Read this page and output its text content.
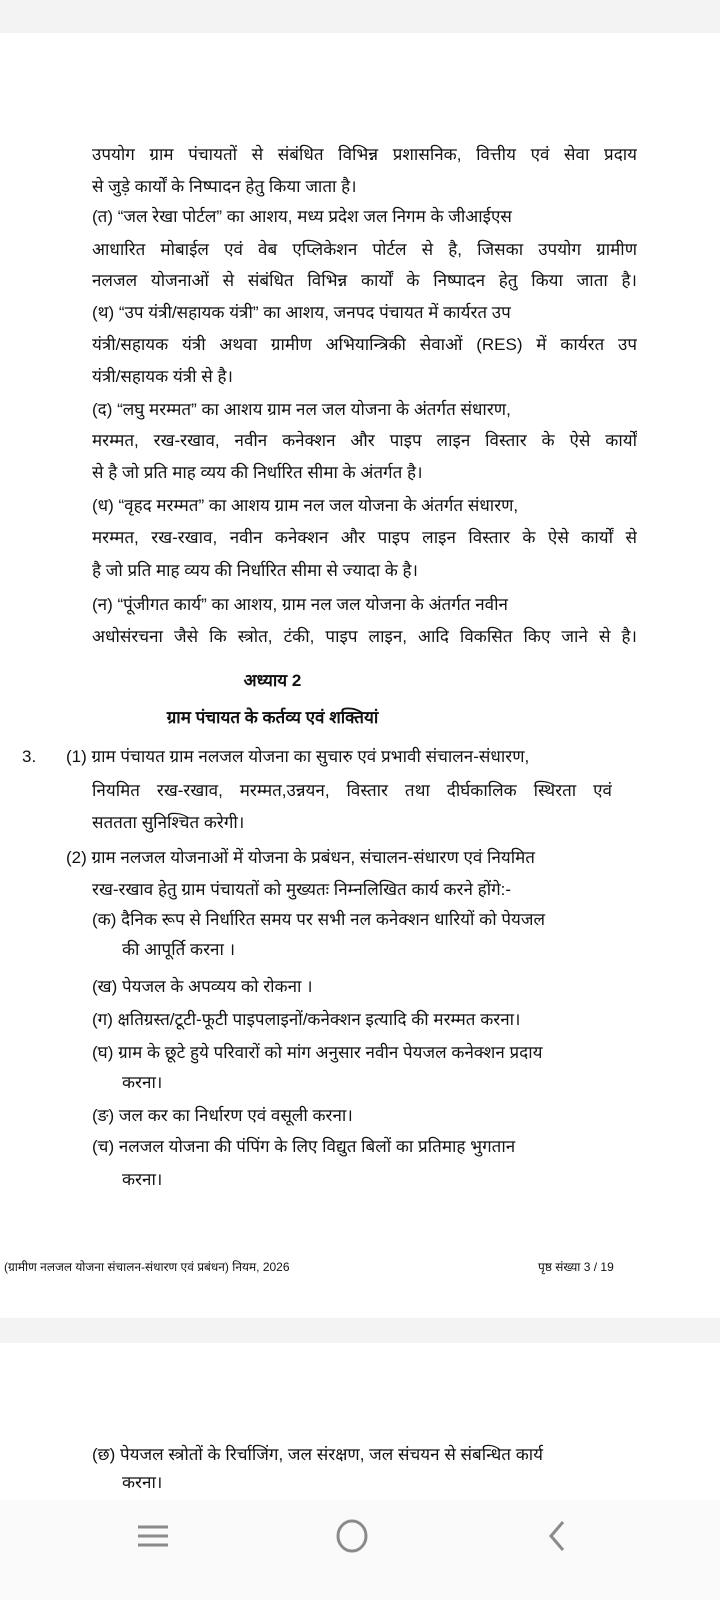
उपयोग ग्राम पंचायतों से संबंधित विभिन्न प्रशासनिक, वित्तीय एवं सेवा प्रदाय
से जुड़े कार्यों के निष्पादन हेतु किया जाता है।
(त) “जल रेखा पोर्टल” का आशय, मध्य प्रदेश जल निगम के जीआईएस
आधारित मोबाईल एवं वेब एप्लिकेशन पोर्टल से है, जिसका उपयोग ग्रामीण
नलजल योजनाओं से संबंधित विभिन्न कार्यों के निष्पादन हेतु किया जाता है।
(थ) “उप यंत्री/सहायक यंत्री” का आशय, जनपद पंचायत में कार्यरत उप
यंत्री/सहायक यंत्री अथवा ग्रामीण अभियान्त्रिकी सेवाओं (RES) में कार्यरत उप
यंत्री/सहायक यंत्री से है।
(द) “लघु मरम्मत” का आशय ग्राम नल जल योजना के अंतर्गत संधारण,
मरम्मत, रख-रखाव, नवीन कनेक्शन और पाइप लाइन विस्तार के ऐसे कार्यों
से है जो प्रति माह व्यय की निर्धारित सीमा के अंतर्गत है।
(ध) “वृहद मरम्मत” का आशय ग्राम नल जल योजना के अंतर्गत संधारण,
मरम्मत, रख-रखाव, नवीन कनेक्शन और पाइप लाइन विस्तार के ऐसे कार्यों से
है जो प्रति माह व्यय की निर्धारित सीमा से ज्यादा के है।
(न) “पूंजीगत कार्य” का आशय, ग्राम नल जल योजना के अंतर्गत नवीन
अधोसंरचना जैसे कि स्त्रोत, टंकी, पाइप लाइन, आदि विकसित किए जाने से है।
अध्याय 2
ग्राम पंचायत के कर्तव्य एवं शक्तियां
3. (1) ग्राम पंचायत ग्राम नलजल योजना का सुचारु एवं प्रभावी संचालन-संधारण,
नियमित रख-रखाव, मरम्मत,उन्नयन, विस्तार तथा दीर्घकालिक स्थिरता एवं
सततता सुनिश्चित करेगी।
(2) ग्राम नलजल योजनाओं में योजना के प्रबंधन, संचालन-संधारण एवं नियमित
रख-रखाव हेतु ग्राम पंचायतों को मुख्यतः निम्नलिखित कार्य करने होंगे:-
(क) दैनिक रूप से निर्धारित समय पर सभी नल कनेक्शन धारियों को पेयजल
की आपूर्ति करना ।
(ख) पेयजल के अपव्यय को रोकना ।
(ग) क्षतिग्रस्त/टूटी-फूटी पाइपलाइनों/कनेक्शन इत्यादि की मरम्मत करना।
(घ) ग्राम के छूटे हुये परिवारों को मांग अनुसार नवीन पेयजल कनेक्शन प्रदाय
करना।
(ङ) जल कर का निर्धारण एवं वसूली करना।
(च) नलजल योजना की पंपिंग के लिए विद्युत बिलों का प्रतिमाह भुगतान
करना।
(ग्रामीण नलजल योजना संचालन-संधारण एवं प्रबंधन) नियम, 2026	पृष्ठ संख्या 3 / 19
(छ) पेयजल स्त्रोतों के रिर्चाजिंग, जल संरक्षण, जल संचयन से संबन्धित कार्य
करना।
